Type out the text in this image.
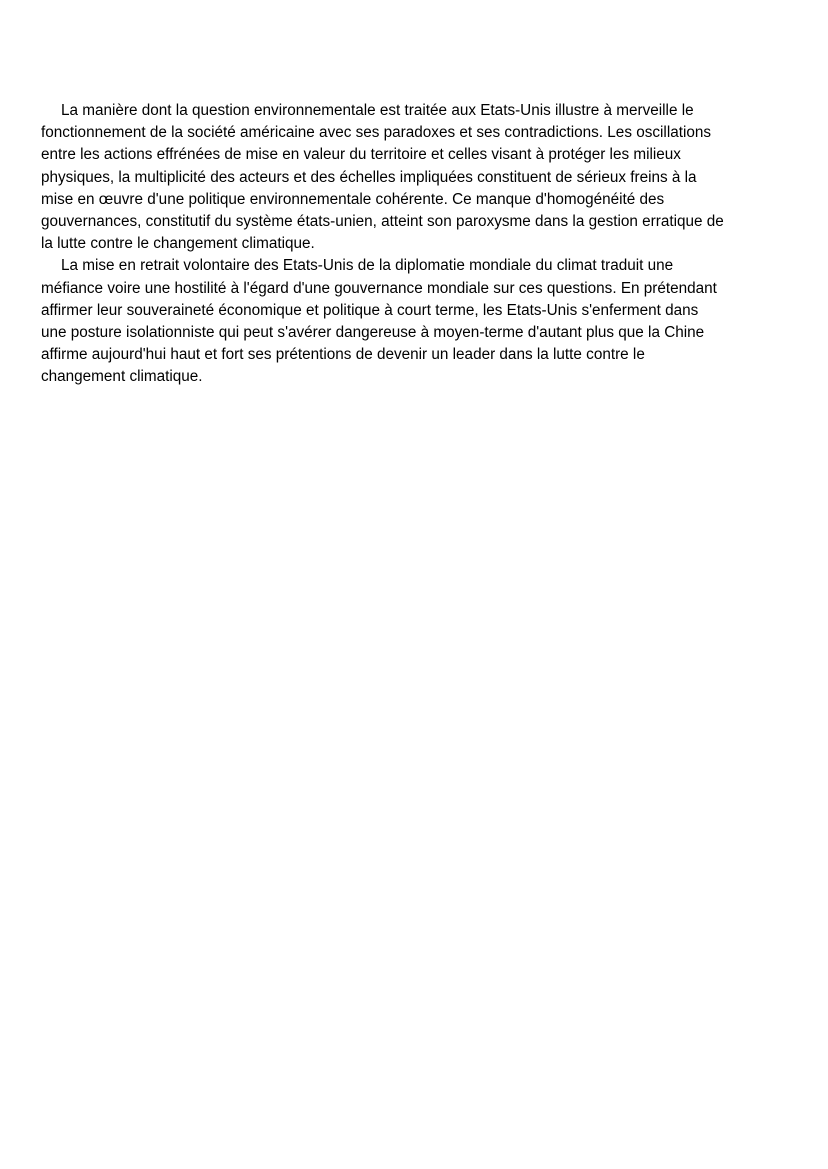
La manière dont la question environnementale est traitée aux Etats-Unis illustre à merveille le
fonctionnement de la société américaine avec ses paradoxes et ses contradictions. Les oscillations
entre les actions effrénées de mise en valeur du territoire et celles visant à protéger les milieux
physiques, la multiplicité des acteurs et des échelles impliquées constituent de sérieux freins à la
mise en œuvre d'une politique environnementale cohérente. Ce manque d'homogénéité des
gouvernances, constitutif du système états-unien, atteint son paroxysme dans la gestion erratique de
la lutte contre le changement climatique.
La mise en retrait volontaire des Etats-Unis de la diplomatie mondiale du climat traduit une
méfiance voire une hostilité à l'égard d'une gouvernance mondiale sur ces questions. En prétendant
affirmer leur souveraineté économique et politique à court terme, les Etats-Unis s'enferment dans
une posture isolationniste qui peut s'avérer dangereuse à moyen-terme d'autant plus que la Chine
affirme aujourd'hui haut et fort ses prétentions de devenir un leader dans la lutte contre le
changement climatique.
